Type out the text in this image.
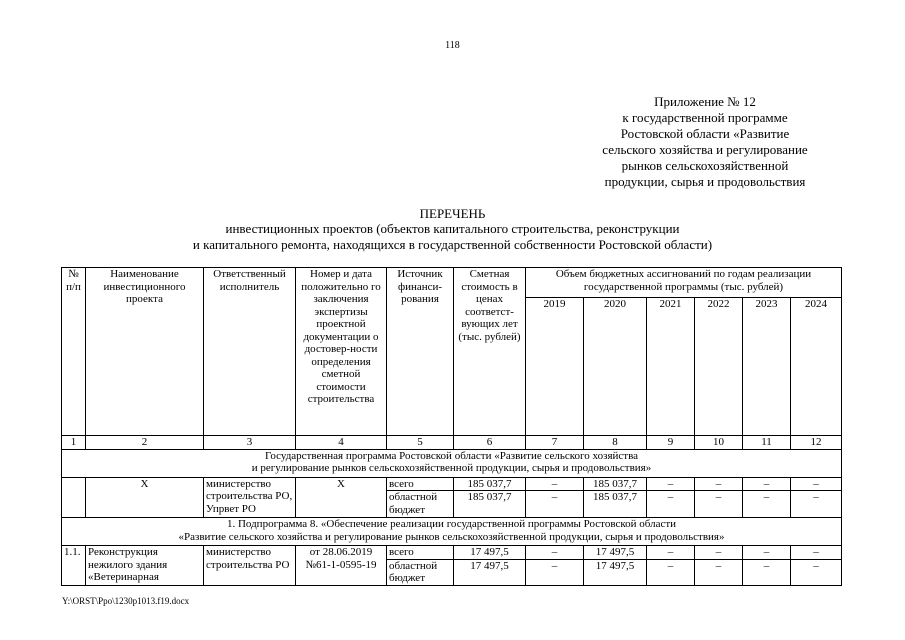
118
Приложение № 12
к государственной программе
Ростовской области «Развитие
сельского хозяйства и регулирование
рынков сельскохозяйственной
продукции, сырья и продовольствия
ПЕРЕЧЕНЬ
инвестиционных проектов (объектов капитального строительства, реконструкции
и капитального ремонта, находящихся в государственной собственности Ростовской области)
№ п/п	Наименование инвестиционного проекта	Ответственный исполнитель	Номер и дата положительно го заключения экспертизы проектной документации о достовер-ности определения сметной стоимости строительства	Источник финанси-рования	Сметная стоимость в ценах соответст-вующих лет (тыс. рублей)	Объем бюджетных ассигнований по годам реализации государственной программы (тыс. рублей)					
						2019	2020	2021	2022	2023	2024
1	2	3	4	5	6	7	8	9	10	11	12

Государственная программа Ростовской области «Развитие сельского хозяйства
и регулирование рынков сельскохозяйственной продукции, сырья и продовольствия»											

	Х	министерство строительства РО, Упрвет РО	Х	всего	185 037,7	–	185 037,7	–	–	–	–
				областной бюджет	185 037,7	–	185 037,7	–	–	–	–

1. Подпрограмма 8. «Обеспечение реализации государственной программы Ростовской области
«Развитие сельского хозяйства и регулирование рынков сельскохозяйственной продукции, сырья и продовольствия»											

1.1.	Реконструкция нежилого здания «Ветеринарная	министерство строительства РО	от 28.06.2019 №61-1-0595-19	всего	17 497,5	–	17 497,5	–	–	–	–
				областной бюджет	17 497,5	–	17 497,5	–	–	–	–
Y:\ORST\Ppo\1230p1013.f19.docx
